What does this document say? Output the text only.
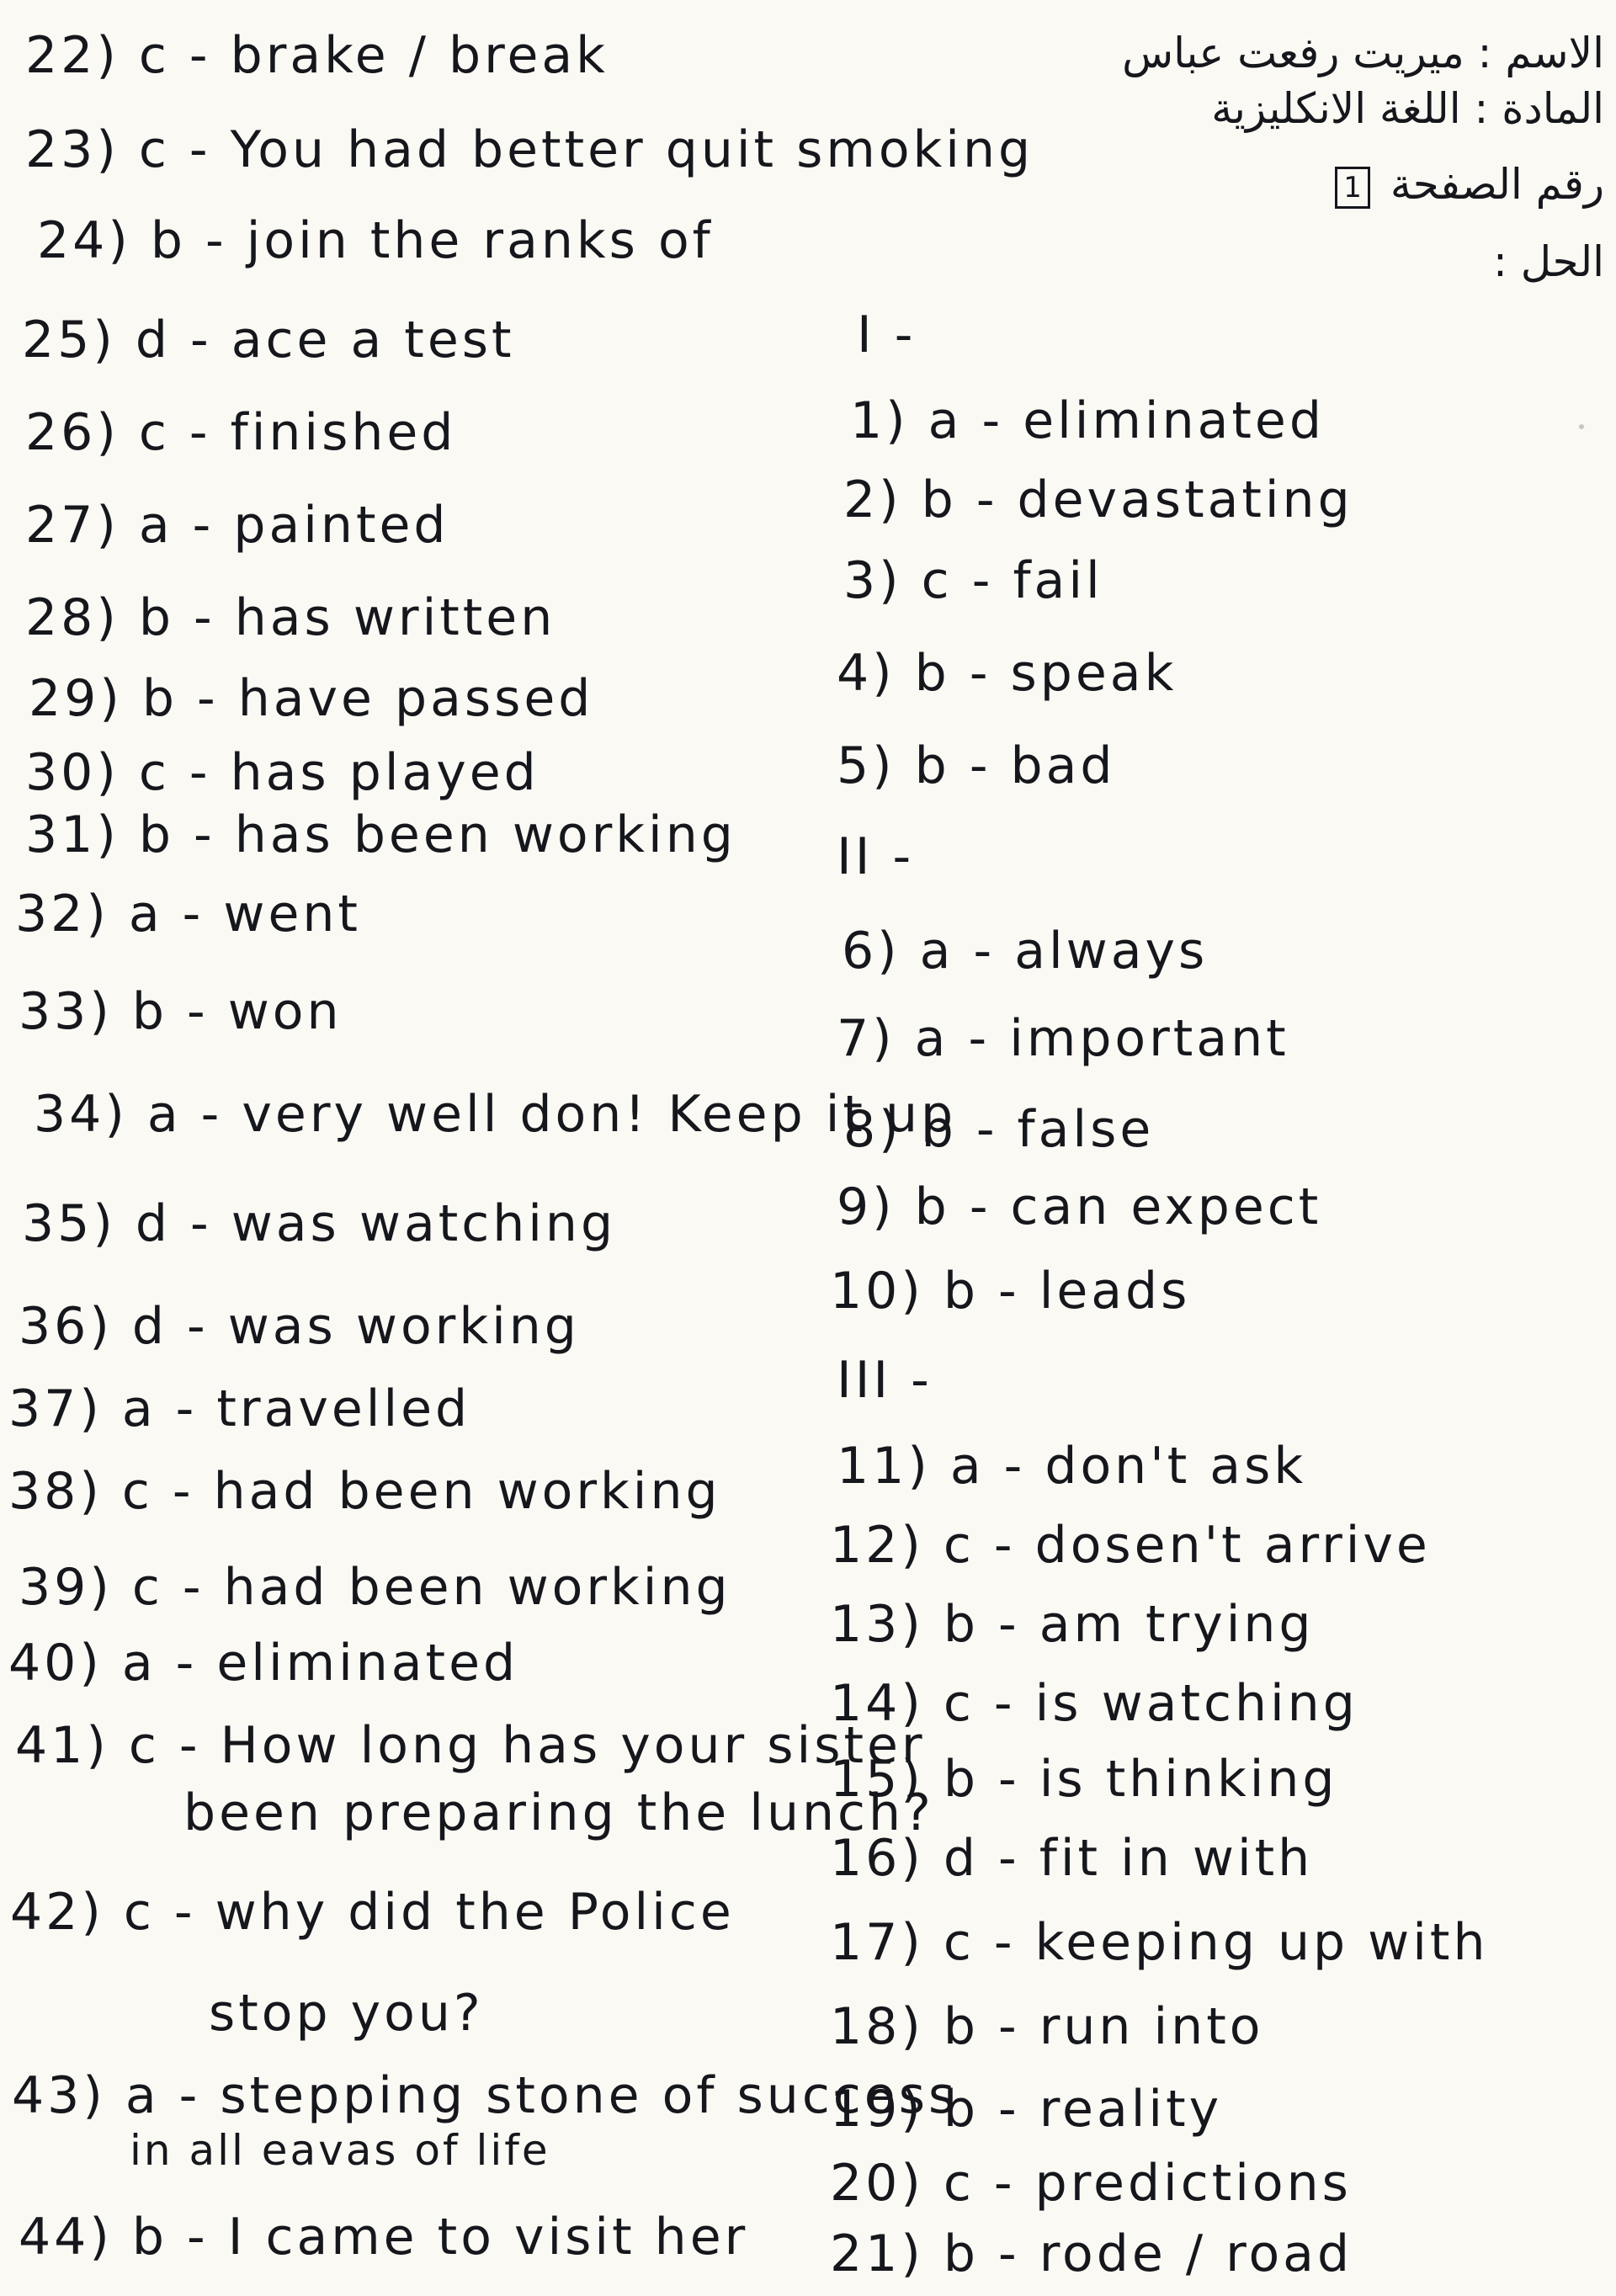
الاسم : ميريت رفعت عباس
المادة : اللغة الانكليزية
رقم الصفحة 1
الحل :
22) c - brake / break
23) c - You had better quit smoking
24) b - join the ranks of
25) d - ace a test
26) c - finished
27) a - painted
28) b - has written
29) b - have passed
30) c - has played
31) b - has been working
32) a - went
33) b - won
34) a - very well don! Keep it up
35) d - was watching
36) d - was working
37) a - travelled
38) c - had been working
39) c - had been working
40) a - eliminated
41) c - How long has your sister
been preparing the lunch?
42) c - why did the Police
stop you?
43) a - stepping stone of success
in all eavas of life
44) b - I came to visit her
I -
1) a - eliminated
2) b - devastating
3) c - fail
4) b - speak
5) b - bad
II -
6) a - always
7) a - important
8) b - false
9) b - can expect
10) b - leads
III -
11) a - don't ask
12) c - dosen't arrive
13) b - am trying
14) c - is watching
15) b - is thinking
16) d - fit in with
17) c - keeping up with
18) b - run into
19) b - reality
20) c - predictions
21) b - rode / road
